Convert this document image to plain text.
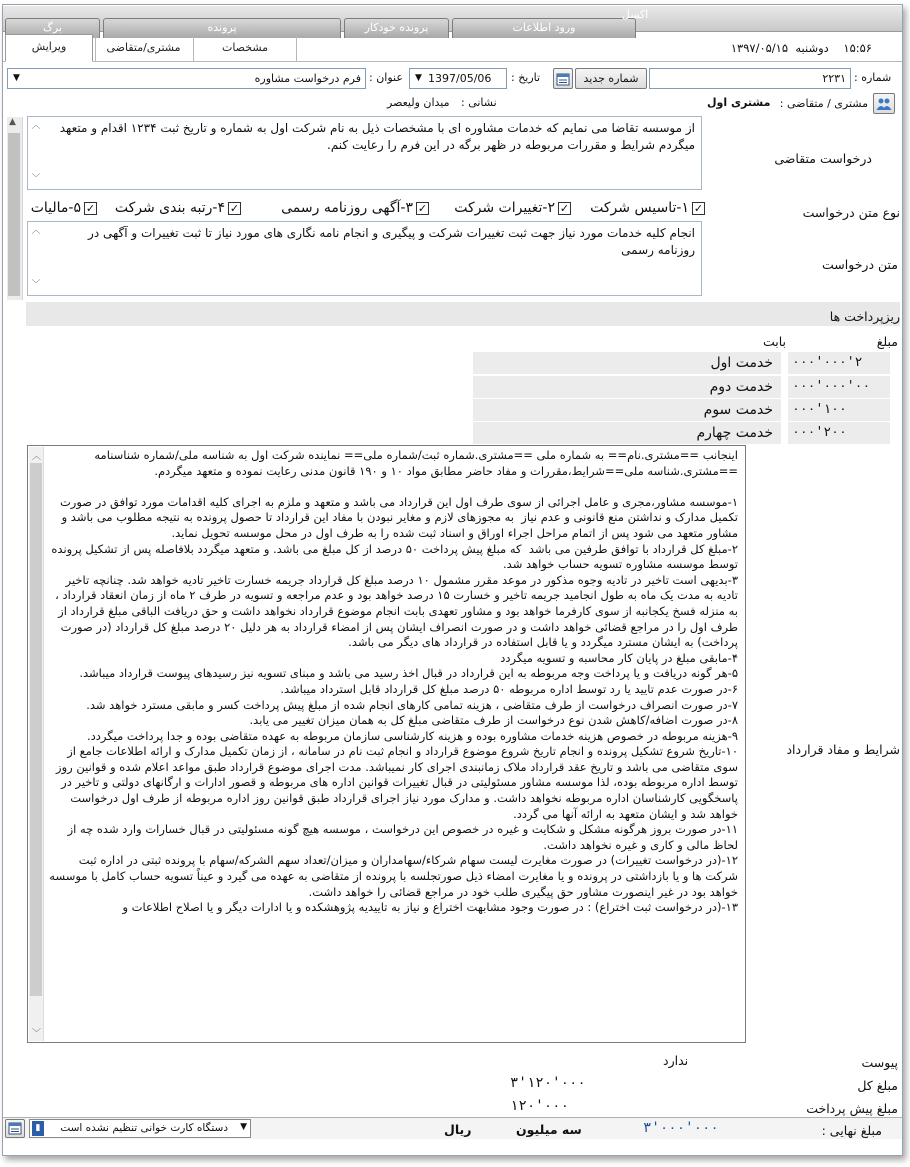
برگ	پرونده	پرونده خودکار	ورود اطلاعات
اکسل
ویرایش	مشتری/متقاضی	مشخصات	۱۵:۵۶    دوشنبه  ۱۳۹۷/۰۵/۱۵
شماره :
۲۲۳۱
شماره جدید
تاریخ :
▼ 1397/05/06
عنوان :
▼	فرم درخواست مشاوره
مشتری / متقاضی :
مشتری اول
نشانی :
میدان ولیعصر
▲
درخواست متقاضی
︿
﹀
از موسسه تقاضا می نمایم که خدمات مشاوره ای با مشخصات ذیل به نام شرکت اول به شماره و تاریخ ثبت ۱۲۳۴ اقدام و متعهد میگردم شرایط و مقررات مربوطه در ظهر برگه در این فرم را رعایت کنم.
نوع متن درخواست
✓۱-تاسیس شرکت
✓۲-تغییرات شرکت
✓۳-آگهی روزنامه رسمی
✓۴-رتبه بندی شرکت
✓۵-مالیات
متن درخواست
︿
﹀
انجام کلیه خدمات مورد نیاز جهت ثبت تغییرات شرکت و پیگیری و انجام نامه نگاری های مورد نیاز تا ثبت تغییرات و آگهی در روزنامه رسمی
ریزپرداخت ها
مبلغ
بابت
خدمت اول	۲'۰۰۰'۰۰۰
خدمت دوم	۰۰'۰۰۰'۰۰۰
خدمت سوم	۱۰۰'۰۰۰
خدمت چهارم	۲۰۰'۰۰۰
شرایط و مفاد قرارداد
︿
﹀
اینجانب ==مشتری.نام== به شماره ملی ==مشتری.شماره ثبت/شماره ملی== نماینده شرکت اول به شناسه ملی/شماره شناسنامه ==مشتری.شناسه ملی==شرایط،مقررات و مفاد حاضر مطابق مواد ۱۰ و ۱۹۰ قانون مدنی رعایت نموده و متعهد میگردم.

۱-موسسه مشاور،مجری و عامل اجرائی از سوی طرف اول این قرارداد می باشد و متعهد و ملزم به اجرای کلیه اقدامات مورد توافق در صورت تکمیل مدارک و نداشتن منع قانونی و عدم نیاز  به مجوزهای لازم و مغایر نبودن با مفاد این قرارداد تا حصول پرونده به نتیجه مطلوب می باشد و مشاور متعهد می شود پس از اتمام مراحل اجراء اوراق و اسناد ثبت شده را به طرف اول در محل موسسه تحویل نماید.
۲-مبلغ کل قرارداد با توافق طرفین می باشد  که مبلغ پیش پرداخت ۵۰ درصد از کل مبلغ می باشد. و متعهد میگردد بلافاصله پس از تشکیل پرونده توسط موسسه مشاوره تسویه حساب خواهد شد.
۳-بدیهی است تاخیر در تادیه وجوه مذکور در موعد مقرر مشمول ۱۰ درصد مبلغ کل قرارداد جریمه خسارت تاخیر تادیه خواهد شد. چنانچه تاخیر تادیه به مدت یک ماه به طول انجامید جریمه تاخیر و خسارت ۱۵ درصد خواهد بود و عدم مراجعه و تسویه در طرف ۲ ماه از زمان انعقاد قرارداد ، به منزله فسخ یکجانبه از سوی کارفرما خواهد بود و مشاور تعهدی بابت انجام موضوع قرارداد نخواهد داشت و حق دریافت الباقی مبلغ قرارداد از طرف اول را در مراجع قضائی خواهد داشت و در صورت انصراف ایشان پس از امضاء قرارداد به هر دلیل ۲۰ درصد مبلغ کل قرارداد (در صورت پرداخت) به ایشان مسترد میگردد و یا قابل استفاده در قرارداد های دیگر می باشد.
۴-مابقی مبلغ در پایان کار محاسبه و تسویه میگردد
۵-هر گونه دریافت و یا پرداخت وجه مربوطه به این قرارداد در قبال اخذ رسید می باشد و مبنای تسویه نیز رسیدهای پیوست قرارداد میباشد.
۶-در صورت عدم تایید یا رد توسط اداره مربوطه ۵۰ درصد مبلغ کل قرارداد قابل استرداد میباشد.
۷-در صورت انصراف درخواست از طرف متقاضی ، هزینه تمامی کارهای انجام شده از مبلغ پیش پرداخت کسر و مابقی مسترد خواهد شد.
۸-در صورت اضافه/کاهش شدن نوع درخواست از طرف متقاضی مبلغ کل به همان میزان تغییر می یابد.
۹-هزینه مربوطه در خصوص هزینه خدمات مشاوره بوده و هزینه کارشناسی سازمان مربوطه به عهده متقاضی بوده و جدا پرداخت میگردد.
۱۰-تاریخ شروع تشکیل پرونده و انجام تاریخ شروع موضوع قرارداد و انجام ثبت نام در سامانه ، از زمان تکمیل مدارک و ارائه اطلاعات جامع از سوی متقاضی می باشد و تاریخ عقد قرارداد ملاک زمانبندی اجرای کار نمیباشد. مدت اجرای موضوع قرارداد طبق مواعد اعلام شده و قوانین روز توسط اداره مربوطه بوده، لذا موسسه مشاور مسئولیتی در قبال تغییرات قوانین اداره های مربوطه و قصور ادارات و ارگانهای دولتی و تاخیر در پاسخگویی کارشناسان اداره مربوطه نخواهد داشت. و مدارک مورد نیاز اجرای قرارداد طبق قوانین روز اداره مربوطه از طرف اول درخواست خواهد شد و ایشان متعهد به ارائه آنها می گردد.
۱۱-در صورت بروز هرگونه مشکل و شکایت و غیره در خصوص این درخواست ، موسسه هیچ گونه مسئولیتی در قبال خسارات وارد شده چه از لحاظ مالی و کاری و غیره نخواهد داشت.
۱۲-(در درخواست تغییرات) در صورت مغایرت لیست سهام شرکاء/سهامداران و میزان/تعداد سهم الشرکه/سهام با پرونده ثبتی در اداره ثبت شرکت ها و یا بازداشتی در پرونده و یا مغایرت امضاء ذیل صورتجلسه با پرونده از متقاضی به عهده می گیرد و عیناً تسویه حساب کامل با موسسه خواهد بود در غیر اینصورت مشاور حق پیگیری طلب خود در مراجع قضائی را خواهد داشت.
۱۳-(در درخواست ثبت اختراع) : در صورت وجود مشابهت اختراع و نیاز به تاییدیه پژوهشکده و یا ادارات دیگر و یا اصلاح اطلاعات و
پیوست
ندارد
مبلغ کل
۳'۱۲۰'۰۰۰
مبلغ پیش پرداخت
۱۲۰'۰۰۰
▮	دستگاه کارت خوانی تنظیم نشده است ▼	ریال	سه میلیون	۳'۰۰۰'۰۰۰	مبلغ نهایی :
